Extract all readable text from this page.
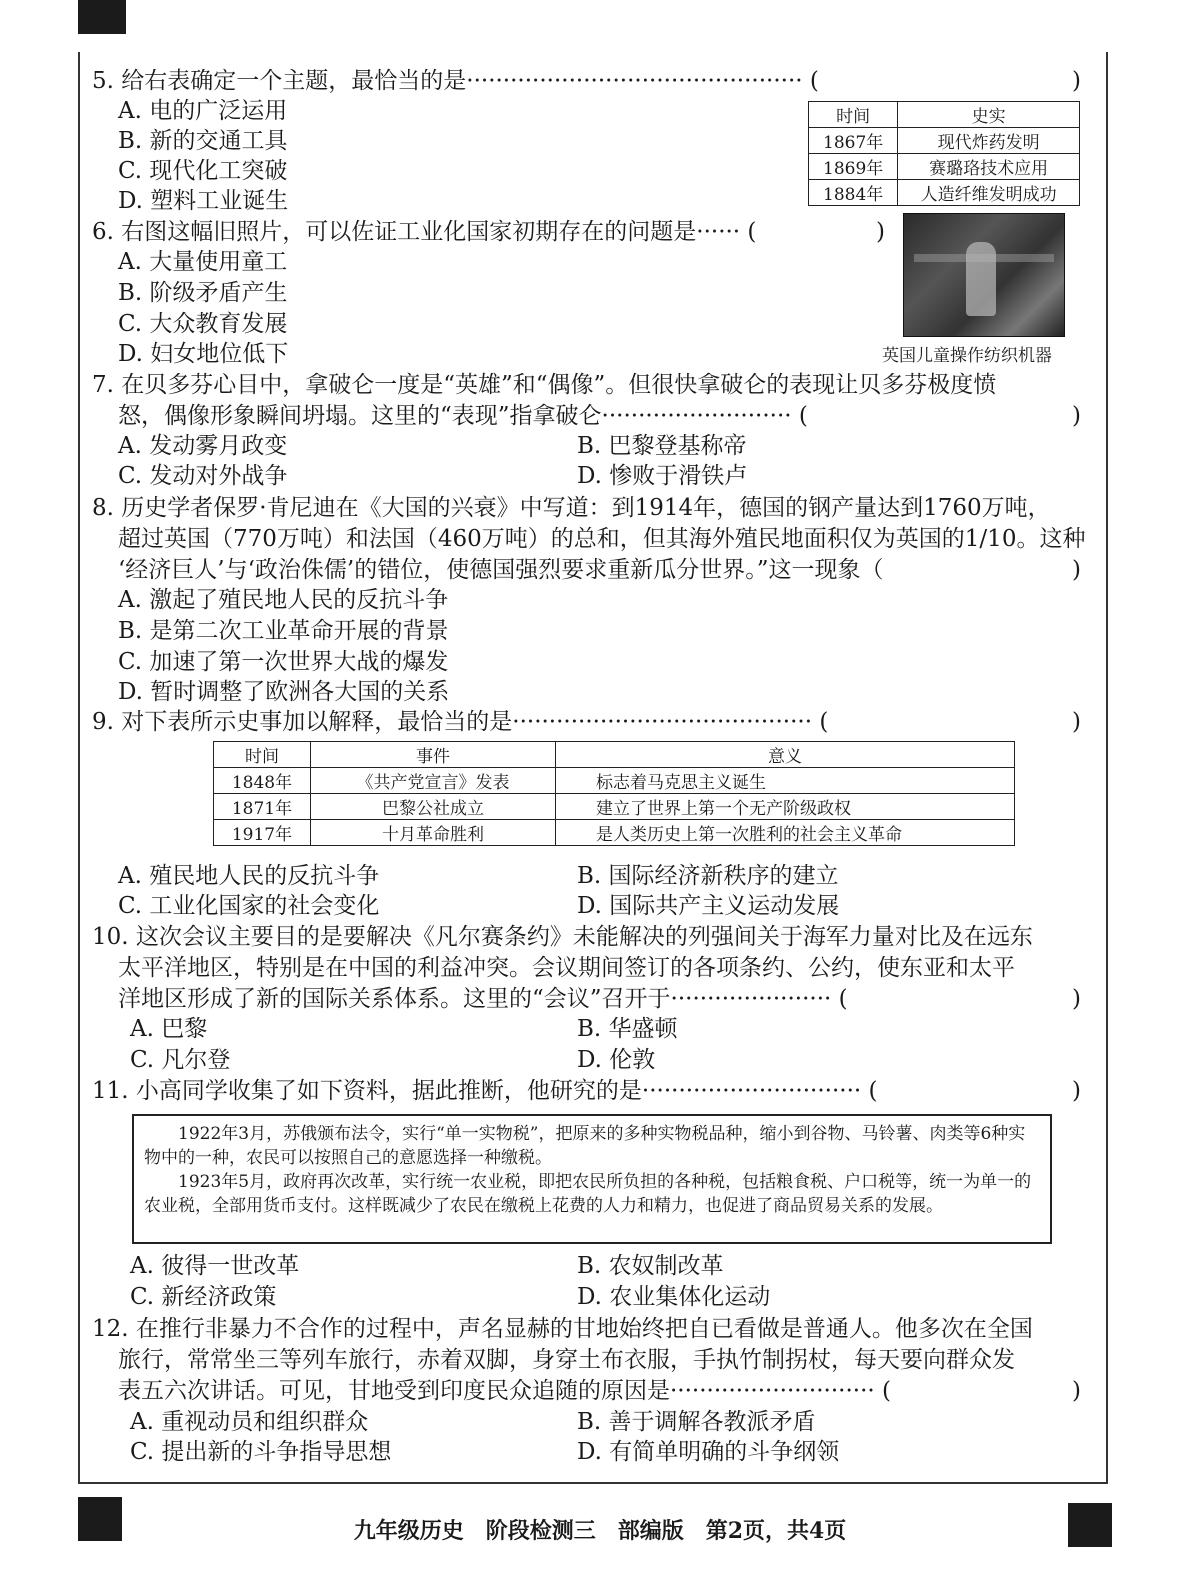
5. 给右表确定一个主题，最恰当的是·············································· (	)
A. 电的广泛运用
B. 新的交通工具
C. 现代化工突破
D. 塑料工业诞生
时间	史实
1867年	现代炸药发明
1869年	赛璐珞技术应用
1884年	人造纤维发明成功
6. 右图这幅旧照片，可以佐证工业化国家初期存在的问题是······ (	)
A. 大量使用童工
B. 阶级矛盾产生
C. 大众教育发展
D. 妇女地位低下	英国儿童操作纺织机器
7. 在贝多芬心目中，拿破仑一度是“英雄”和“偶像”。但很快拿破仑的表现让贝多芬极度愤
怒，偶像形象瞬间坍塌。这里的“表现”指拿破仑·························· (	)
A. 发动雾月政变	B. 巴黎登基称帝
C. 发动对外战争	D. 惨败于滑铁卢
8. 历史学者保罗·肯尼迪在《大国的兴衰》中写道：到1914年，德国的钢产量达到1760万吨，
超过英国（770万吨）和法国（460万吨）的总和，但其海外殖民地面积仅为英国的1/10。这种
‘经济巨人’与‘政治侏儒’的错位，使德国强烈要求重新瓜分世界。”这一现象（	)
A. 激起了殖民地人民的反抗斗争
B. 是第二次工业革命开展的背景
C. 加速了第一次世界大战的爆发
D. 暂时调整了欧洲各大国的关系
9. 对下表所示史事加以解释，最恰当的是········································· (	)
时间	事件	意义
1848年	《共产党宣言》发表	标志着马克思主义诞生
1871年	巴黎公社成立	建立了世界上第一个无产阶级政权
1917年	十月革命胜利	是人类历史上第一次胜利的社会主义革命
A. 殖民地人民的反抗斗争	B. 国际经济新秩序的建立
C. 工业化国家的社会变化	D. 国际共产主义运动发展
10. 这次会议主要目的是要解决《凡尔赛条约》未能解决的列强间关于海军力量对比及在远东
太平洋地区，特别是在中国的利益冲突。会议期间签订的各项条约、公约，使东亚和太平
洋地区形成了新的国际关系体系。这里的“会议”召开于······················ (	)
A. 巴黎	B. 华盛顿
C. 凡尔登	D. 伦敦
11. 小高同学收集了如下资料，据此推断，他研究的是······························ (	)

1922年3月，苏俄颁布法令，实行“单一实物税”，把原来的多种实物税品种，缩小到谷物、马铃薯、肉类等6种实物中的一种，农民可以按照自己的意愿选择一种缴税。

1923年5月，政府再次改革，实行统一农业税，即把农民所负担的各种税，包括粮食税、户口税等，统一为单一的农业税，全部用货币支付。这样既减少了农民在缴税上花费的人力和精力，也促进了商品贸易关系的发展。

A. 彼得一世改革	B. 农奴制改革
C. 新经济政策	D. 农业集体化运动
12. 在推行非暴力不合作的过程中，声名显赫的甘地始终把自已看做是普通人。他多次在全国
旅行，常常坐三等列车旅行，赤着双脚，身穿土布衣服，手执竹制拐杖，每天要向群众发
表五六次讲话。可见，甘地受到印度民众追随的原因是···························· (	)
A. 重视动员和组织群众	B. 善于调解各教派矛盾
C. 提出新的斗争指导思想	D. 有简单明确的斗争纲领
九年级历史　阶段检测三　部编版　第2页，共4页
